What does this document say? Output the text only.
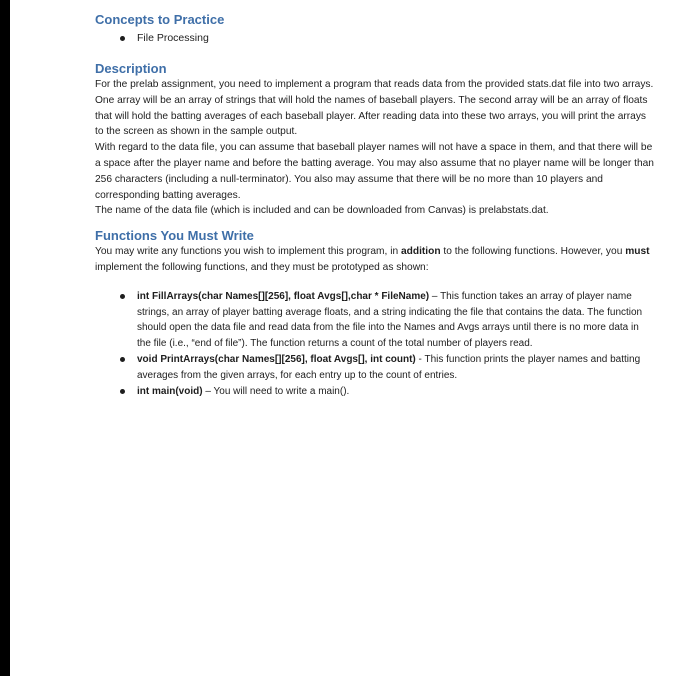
Concepts to Practice
File Processing
Description

For the prelab assignment, you need to implement a program that reads data from the provided stats.dat file into two arrays. One array will be an array of strings that will hold the names of baseball players. The second array will be an array of floats that will hold the batting averages of each baseball player. After reading data into these two arrays, you will print the arrays to the screen as shown in the sample output.

With regard to the data file, you can assume that baseball player names will not have a space in them, and that there will be a space after the player name and before the batting average. You may also assume that no player name will be longer than 256 characters (including a null-terminator). You also may assume that there will be no more than 10 players and corresponding batting averages.

The name of the data file (which is included and can be downloaded from Canvas) is prelabstats.dat.

Functions You Must Write

You may write any functions you wish to implement this program, in addition to the following functions. However, you must implement the following functions, and they must be prototyped as shown:

int FillArrays(char Names[][256], float Avgs[],char * FileName) – This function takes an array of player name strings, an array of player batting average floats, and a string indicating the file that contains the data. The function should open the data file and read data from the file into the Names and Avgs arrays until there is no more data in the file (i.e., “end of file”). The function returns a count of the total number of players read.
void PrintArrays(char Names[][256], float Avgs[], int count) - This function prints the player names and batting averages from the given arrays, for each entry up to the count of entries.
int main(void) – You will need to write a main().
